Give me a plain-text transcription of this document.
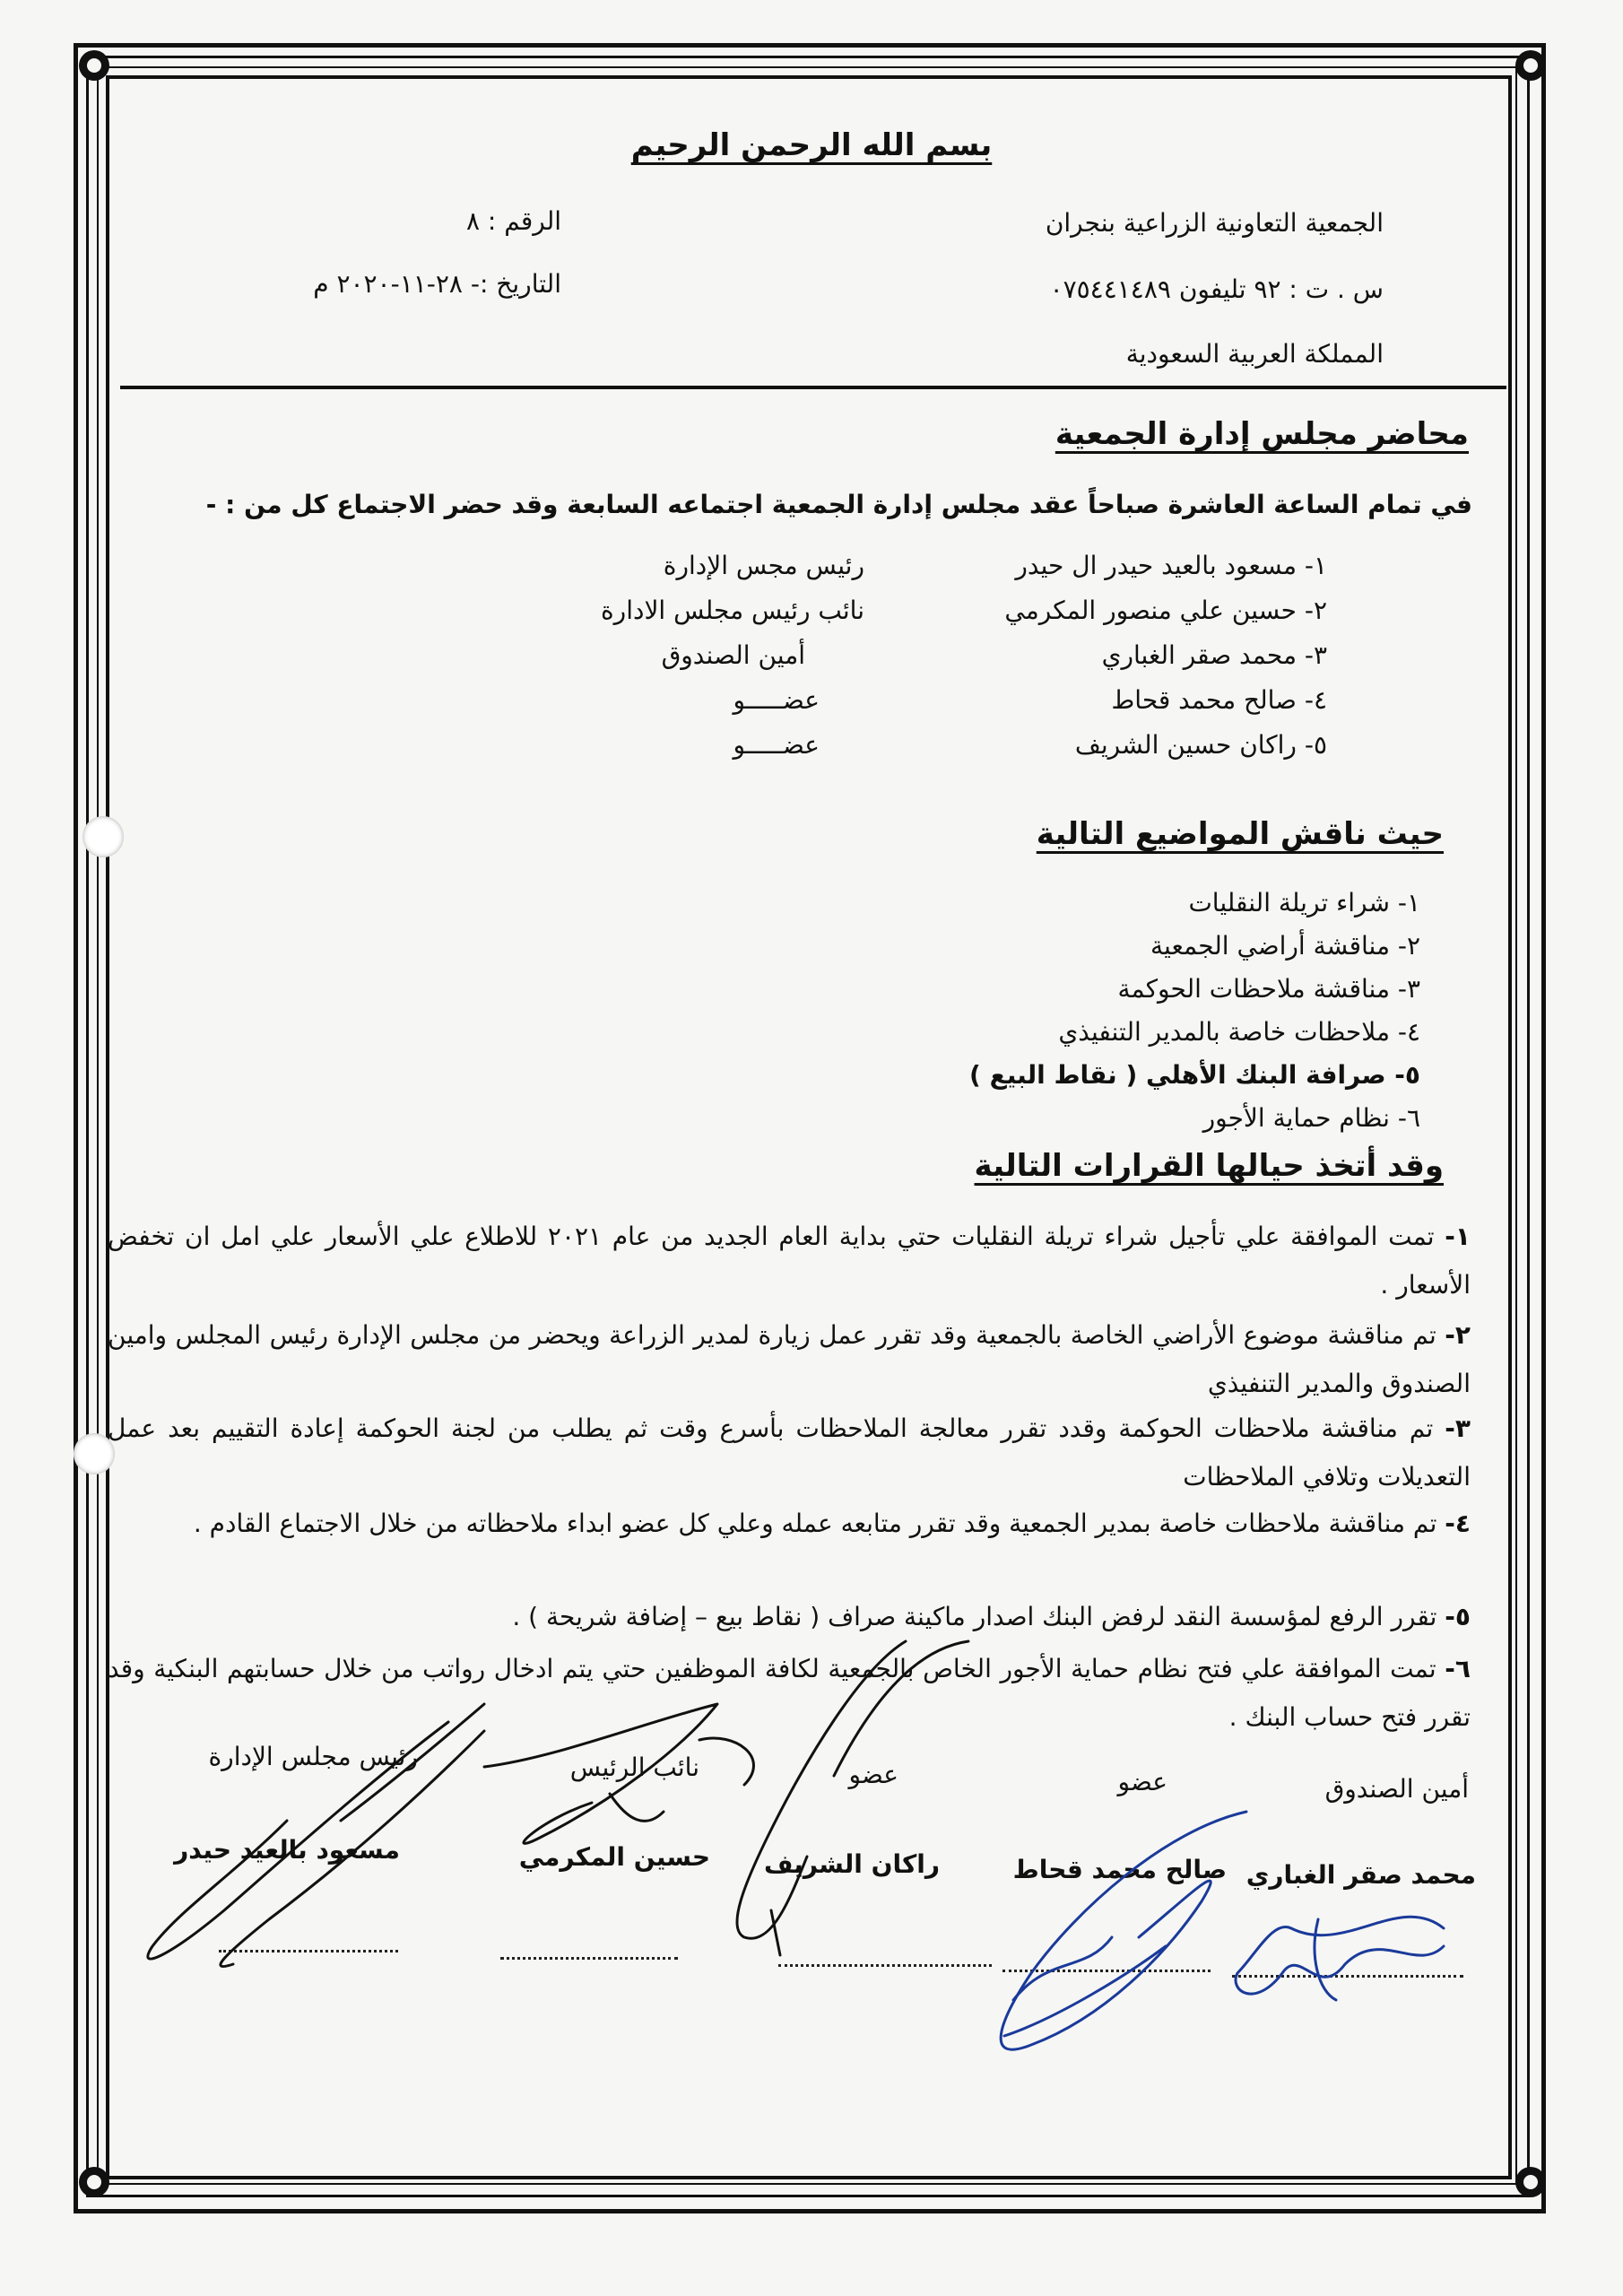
بسم الله الرحمن الرحيم
الجمعية التعاونية الزراعية بنجران
س . ت : ٩٢ تليفون ٠٧٥٤٤١٤٨٩
المملكة العربية السعودية
الرقم : ٨
التاريخ :- ٢٨-١١-٢٠٢٠ م
محاضر مجلس إدارة الجمعية
في تمام الساعة العاشرة صباحاً عقد مجلس إدارة الجمعية اجتماعه السابعة وقد حضر الاجتماع كل من : -
١- مسعود بالعيد حيدر ال حيدر
رئيس مجس الإدارة
٢- حسين علي منصور المكرمي
نائب رئيس مجلس الادارة
٣- محمد صقر الغباري
أمين الصندوق
٤- صالح محمد قحاط
عضـــــو
٥- راكان حسين الشريف
عضـــــو
حيث ناقش المواضيع التالية
١- شراء تريلة النقليات
٢- مناقشة أراضي الجمعية
٣- مناقشة ملاحظات الحوكمة
٤- ملاحظات خاصة بالمدير التنفيذي
٥- صرافة البنك الأهلي ( نقاط البيع )
٦- نظام حماية الأجور
وقد أتخذ حيالها القرارات التالية
١- تمت الموافقة علي تأجيل شراء تريلة النقليات حتي بداية العام الجديد من عام ٢٠٢١ للاطلاع علي الأسعار علي امل ان تخفض الأسعار .
٢- تم مناقشة موضوع الأراضي الخاصة بالجمعية وقد تقرر عمل زيارة لمدير الزراعة ويحضر من مجلس الإدارة رئيس المجلس وامين الصندوق والمدير التنفيذي
٣- تم مناقشة ملاحظات الحوكمة وقدد تقرر معالجة الملاحظات بأسرع وقت ثم يطلب من لجنة الحوكمة إعادة التقييم بعد عمل التعديلات وتلافي الملاحظات
٤- تم مناقشة ملاحظات خاصة بمدير الجمعية وقد تقرر متابعه عمله وعلي كل عضو ابداء ملاحظاته من خلال الاجتماع القادم .
٥- تقرر الرفع لمؤسسة النقد لرفض البنك اصدار ماكينة صراف ( نقاط بيع – إضافة شريحة ) .
٦- تمت الموافقة علي فتح نظام حماية الأجور الخاص بالجمعية لكافة الموظفين حتي يتم ادخال رواتب من خلال حسابتهم البنكية وقد تقرر فتح حساب البنك .
أمين الصندوق
محمد صقر الغباري
عضو
صالح محمد قحاط
عضو
راكان الشريف
نائب الرئيس
حسين المكرمي
رئيس مجلس الإدارة
مسعود بالعيد حيدر
